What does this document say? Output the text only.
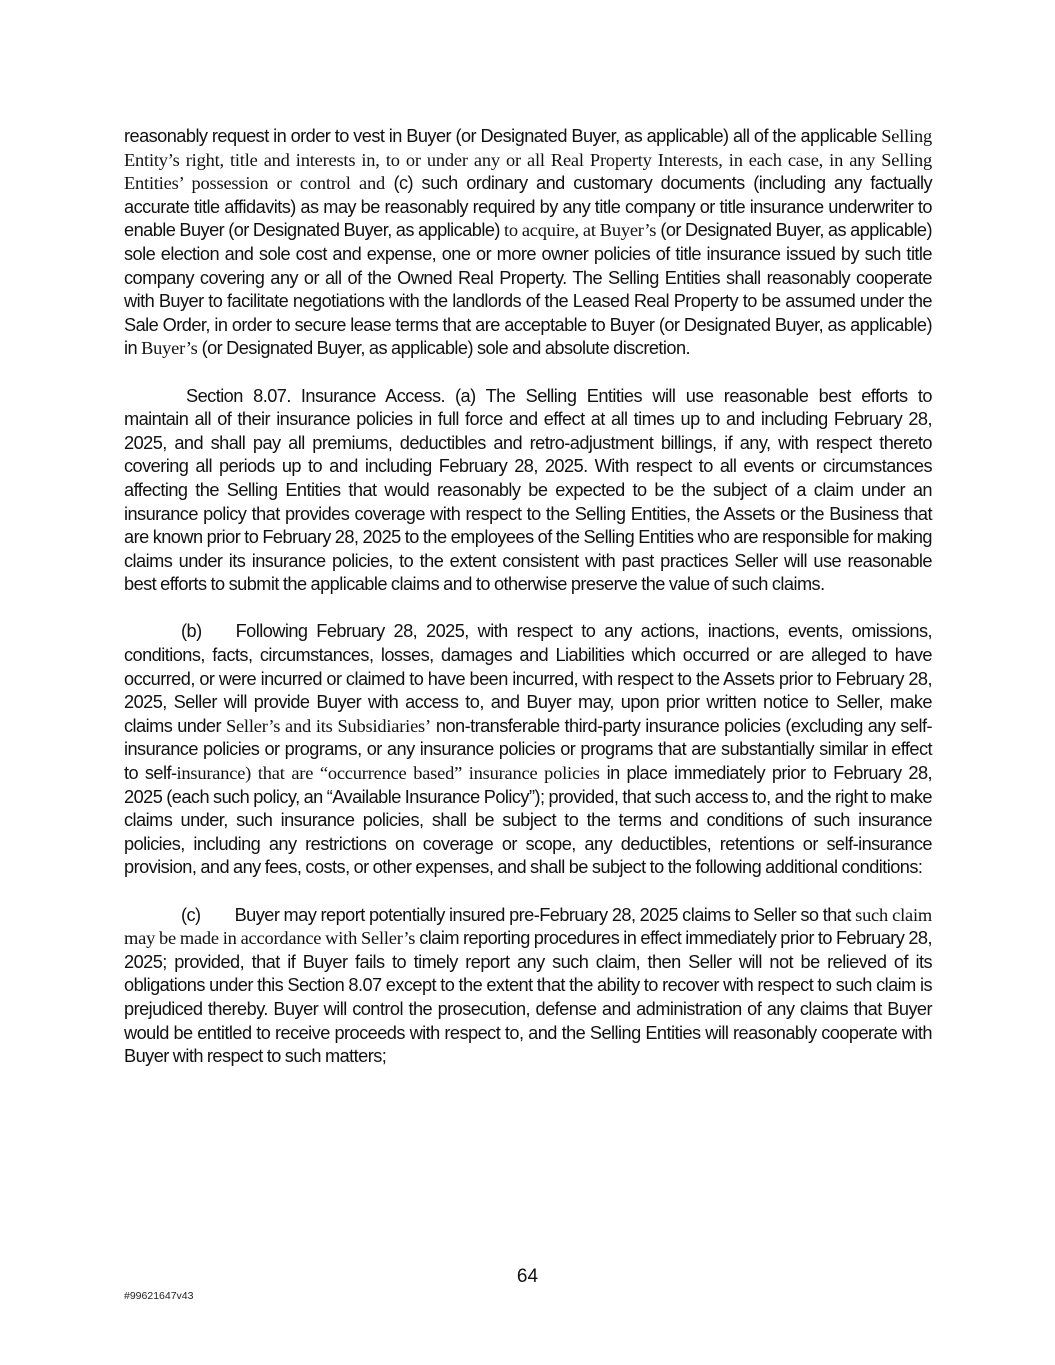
reasonably request in order to vest in Buyer (or Designated Buyer, as applicable) all of the applicable Selling Entity’s right, title and interests in, to or under any or all Real Property Interests, in each case, in any Selling Entities’ possession or control and (c) such ordinary and customary documents (including any factually accurate title affidavits) as may be reasonably required by any title company or title insurance underwriter to enable Buyer (or Designated Buyer, as applicable) to acquire, at Buyer’s (or Designated Buyer, as applicable) sole election and sole cost and expense, one or more owner policies of title insurance issued by such title company covering any or all of the Owned Real Property. The Selling Entities shall reasonably cooperate with Buyer to facilitate negotiations with the landlords of the Leased Real Property to be assumed under the Sale Order, in order to secure lease terms that are acceptable to Buyer (or Designated Buyer, as applicable) in Buyer’s (or Designated Buyer, as applicable) sole and absolute discretion.

Section 8.07. Insurance Access. (a) The Selling Entities will use reasonable best efforts to maintain all of their insurance policies in full force and effect at all times up to and including February 28, 2025, and shall pay all premiums, deductibles and retro-adjustment billings, if any, with respect thereto covering all periods up to and including February 28, 2025. With respect to all events or circumstances affecting the Selling Entities that would reasonably be expected to be the subject of a claim under an insurance policy that provides coverage with respect to the Selling Entities, the Assets or the Business that are known prior to February 28, 2025 to the employees of the Selling Entities who are responsible for making claims under its insurance policies, to the extent consistent with past practices Seller will use reasonable best efforts to submit the applicable claims and to otherwise preserve the value of such claims.

(b) Following February 28, 2025, with respect to any actions, inactions, events, omissions, conditions, facts, circumstances, losses, damages and Liabilities which occurred or are alleged to have occurred, or were incurred or claimed to have been incurred, with respect to the Assets prior to February 28, 2025, Seller will provide Buyer with access to, and Buyer may, upon prior written notice to Seller, make claims under Seller’s and its Subsidiaries’ non-transferable third-party insurance policies (excluding any self-insurance policies or programs, or any insurance policies or programs that are substantially similar in effect to self-insurance) that are “occurrence based” insurance policies in place immediately prior to February 28, 2025 (each such policy, an “Available Insurance Policy”); provided, that such access to, and the right to make claims under, such insurance policies, shall be subject to the terms and conditions of such insurance policies, including any restrictions on coverage or scope, any deductibles, retentions or self-insurance provision, and any fees, costs, or other expenses, and shall be subject to the following additional conditions:

(c) Buyer may report potentially insured pre-February 28, 2025 claims to Seller so that such claim may be made in accordance with Seller’s claim reporting procedures in effect immediately prior to February 28, 2025; provided, that if Buyer fails to timely report any such claim, then Seller will not be relieved of its obligations under this Section 8.07 except to the extent that the ability to recover with respect to such claim is prejudiced thereby. Buyer will control the prosecution, defense and administration of any claims that Buyer would be entitled to receive proceeds with respect to, and the Selling Entities will reasonably cooperate with Buyer with respect to such matters;

64
#99621647v43
